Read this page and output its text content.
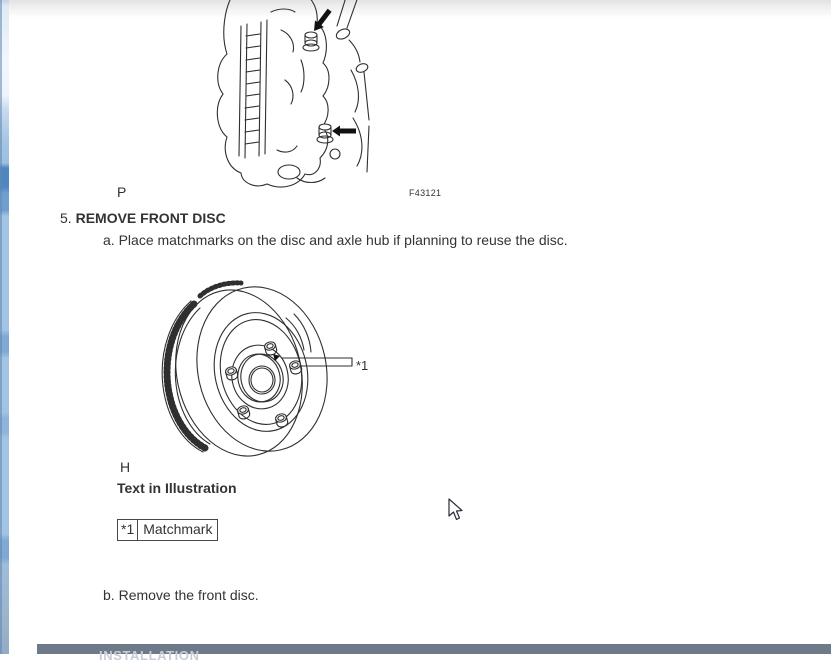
P	F43121
5. REMOVE FRONT DISC
a. Place matchmarks on the disc and axle hub if planning to reuse the disc.
*1
H
Text in Illustration
*1	Matchmark
b. Remove the front disc.
INSTALLATION
